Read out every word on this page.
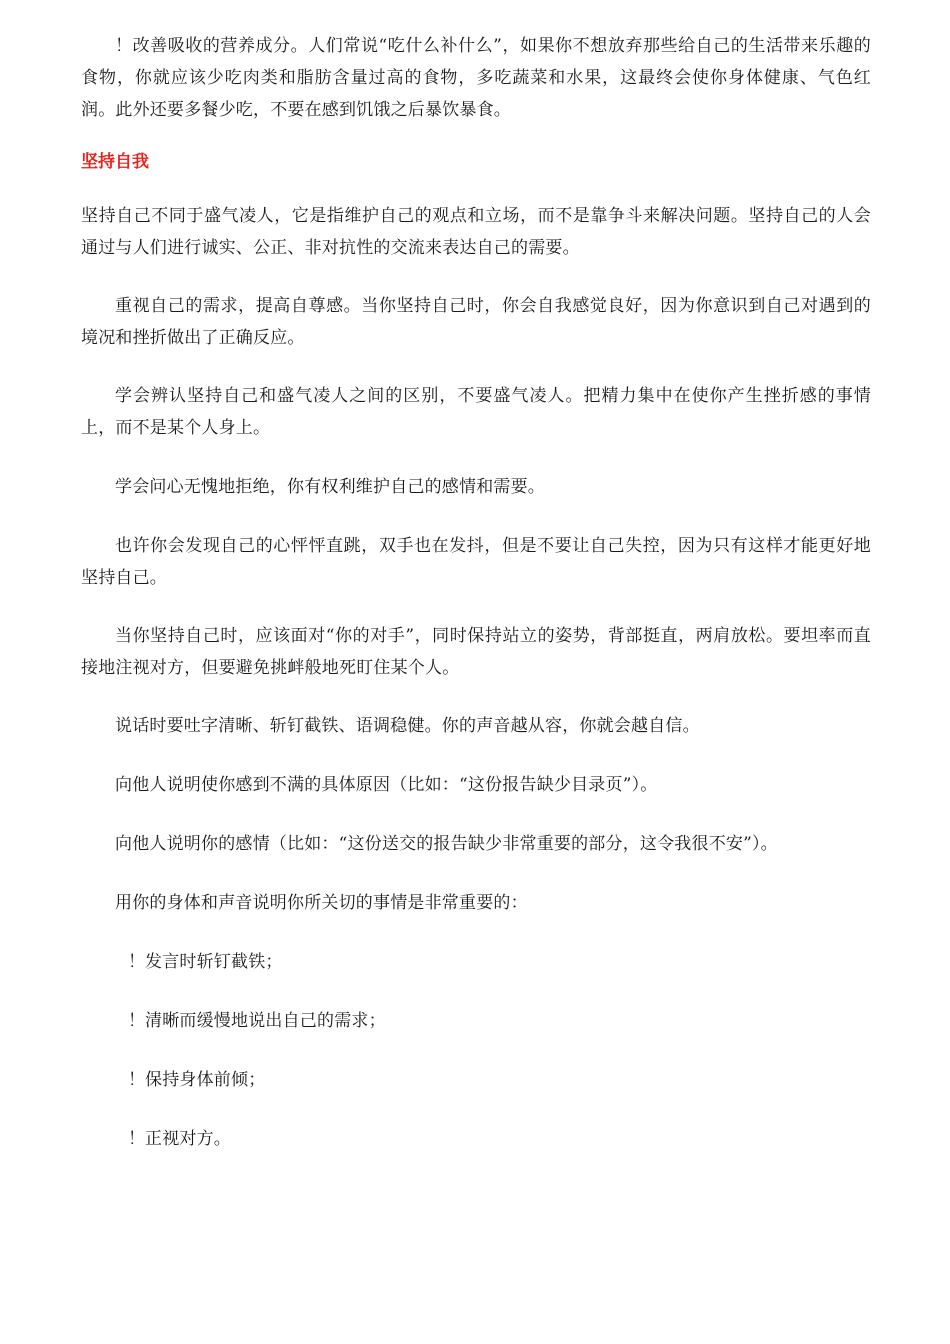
！改善吸收的营养成分。人们常说“吃什么补什么”，如果你不想放弃那些给自己的生活带来乐趣的食物，你就应该少吃肉类和脂肪含量过高的食物，多吃蔬菜和水果，这最终会使你身体健康、气色红润。此外还要多餐少吃，不要在感到饥饿之后暴饮暴食。

坚持自我

坚持自己不同于盛气凌人，它是指维护自己的观点和立场，而不是靠争斗来解决问题。坚持自己的人会通过与人们进行诚实、公正、非对抗性的交流来表达自己的需要。

重视自己的需求，提高自尊感。当你坚持自己时，你会自我感觉良好，因为你意识到自己对遇到的境况和挫折做出了正确反应。

学会辨认坚持自己和盛气凌人之间的区别，不要盛气凌人。把精力集中在使你产生挫折感的事情上，而不是某个人身上。

学会问心无愧地拒绝，你有权利维护自己的感情和需要。

也许你会发现自己的心怦怦直跳，双手也在发抖，但是不要让自己失控，因为只有这样才能更好地坚持自己。

当你坚持自己时，应该面对“你的对手”，同时保持站立的姿势，背部挺直，两肩放松。要坦率而直接地注视对方，但要避免挑衅般地死盯住某个人。

说话时要吐字清晰、斩钉截铁、语调稳健。你的声音越从容，你就会越自信。

向他人说明使你感到不满的具体原因（比如：“这份报告缺少目录页”）。

向他人说明你的感情（比如：“这份送交的报告缺少非常重要的部分，这令我很不安”）。

用你的身体和声音说明你所关切的事情是非常重要的：

！发言时斩钉截铁；

！清晰而缓慢地说出自己的需求；

！保持身体前倾；

！正视对方。
